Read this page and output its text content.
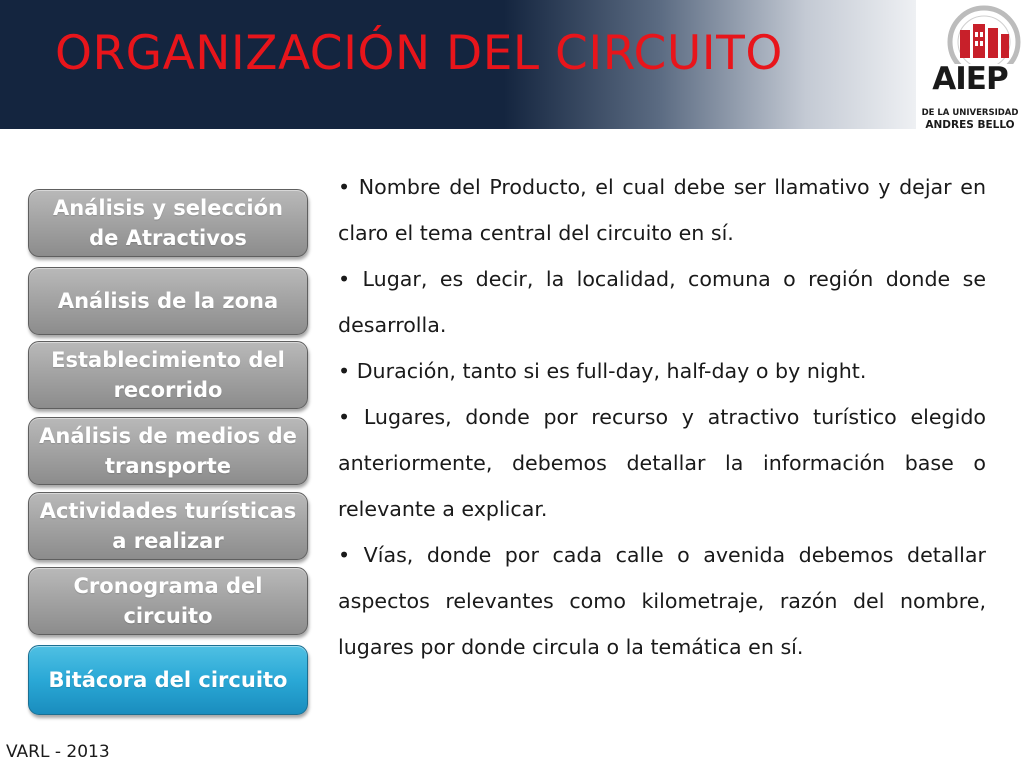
ORGANIZACIÓN DEL CIRCUITO	AIEP
DE LA UNIVERSIDAD
ANDRES BELLO
Análisis y selección de Atractivos
Análisis de la zona
Establecimiento del recorrido
Análisis de medios de transporte
Actividades turísticas a realizar
Cronograma del circuito
Bitácora del circuito

• Nombre del Producto, el cual debe ser llamativo y dejar en claro el tema central del circuito en sí.

• Lugar, es decir, la localidad, comuna o región donde se desarrolla.

• Duración, tanto si es full-day, half-day o by night.

• Lugares, donde por recurso y atractivo turístico elegido anteriormente, debemos detallar la información base o relevante a explicar.

• Vías, donde por cada calle o avenida debemos detallar aspectos relevantes como kilometraje, razón del nombre, lugares por donde circula o la temática en sí.

VARL - 2013
